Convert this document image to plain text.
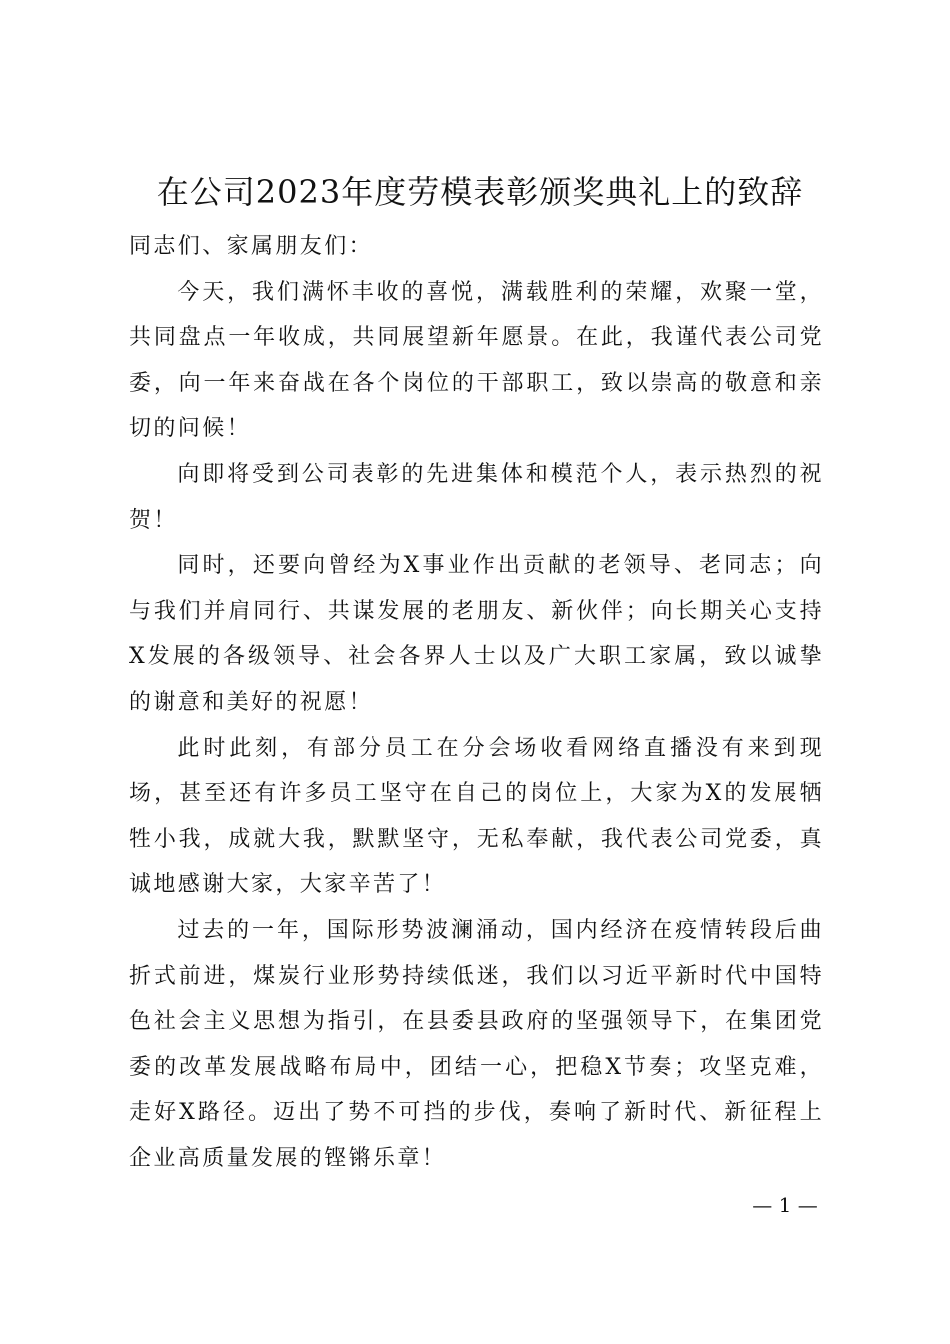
在公司2023年度劳模表彰颁奖典礼上的致辞

同志们、家属朋友们：

今天，我们满怀丰收的喜悦，满载胜利的荣耀，欢聚一堂，共同盘点一年收成，共同展望新年愿景。在此，我谨代表公司党委，向一年来奋战在各个岗位的干部职工，致以崇高的敬意和亲切的问候！

向即将受到公司表彰的先进集体和模范个人，表示热烈的祝贺！

同时，还要向曾经为X事业作出贡献的老领导、老同志；向与我们并肩同行、共谋发展的老朋友、新伙伴；向长期关心支持X发展的各级领导、社会各界人士以及广大职工家属，致以诚挚的谢意和美好的祝愿！

此时此刻，有部分员工在分会场收看网络直播没有来到现场，甚至还有许多员工坚守在自己的岗位上，大家为X的发展牺牲小我，成就大我，默默坚守，无私奉献，我代表公司党委，真诚地感谢大家，大家辛苦了！

过去的一年，国际形势波澜涌动，国内经济在疫情转段后曲折式前进，煤炭行业形势持续低迷，我们以习近平新时代中国特色社会主义思想为指引，在县委县政府的坚强领导下，在集团党委的改革发展战略布局中，团结一心，把稳X节奏；攻坚克难，走好X路径。迈出了势不可挡的步伐，奏响了新时代、新征程上企业高质量发展的铿锵乐章！

— 1 —
